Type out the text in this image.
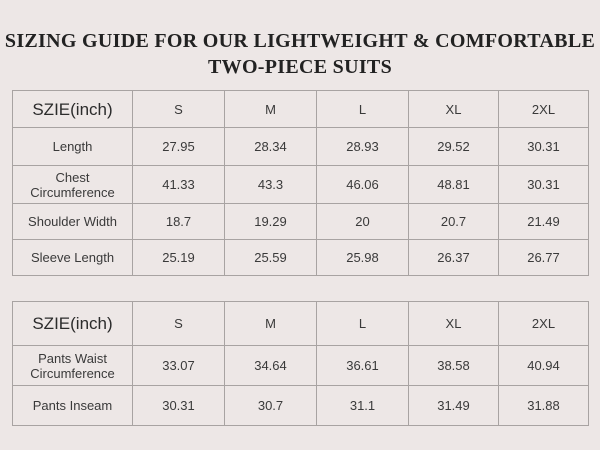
SIZING GUIDE FOR OUR LIGHTWEIGHT & COMFORTABLE
TWO-PIECE SUITS
SZIE(inch)	S	M	L	XL	2XL
Length	27.95	28.34	28.93	29.52	30.31
Chest
Circumference	41.33	43.3	46.06	48.81	30.31
Shoulder Width	18.7	19.29	20	20.7	21.49
Sleeve Length	25.19	25.59	25.98	26.37	26.77
SZIE(inch)	S	M	L	XL	2XL
Pants Waist
Circumference	33.07	34.64	36.61	38.58	40.94
Pants Inseam	30.31	30.7	31.1	31.49	31.88
